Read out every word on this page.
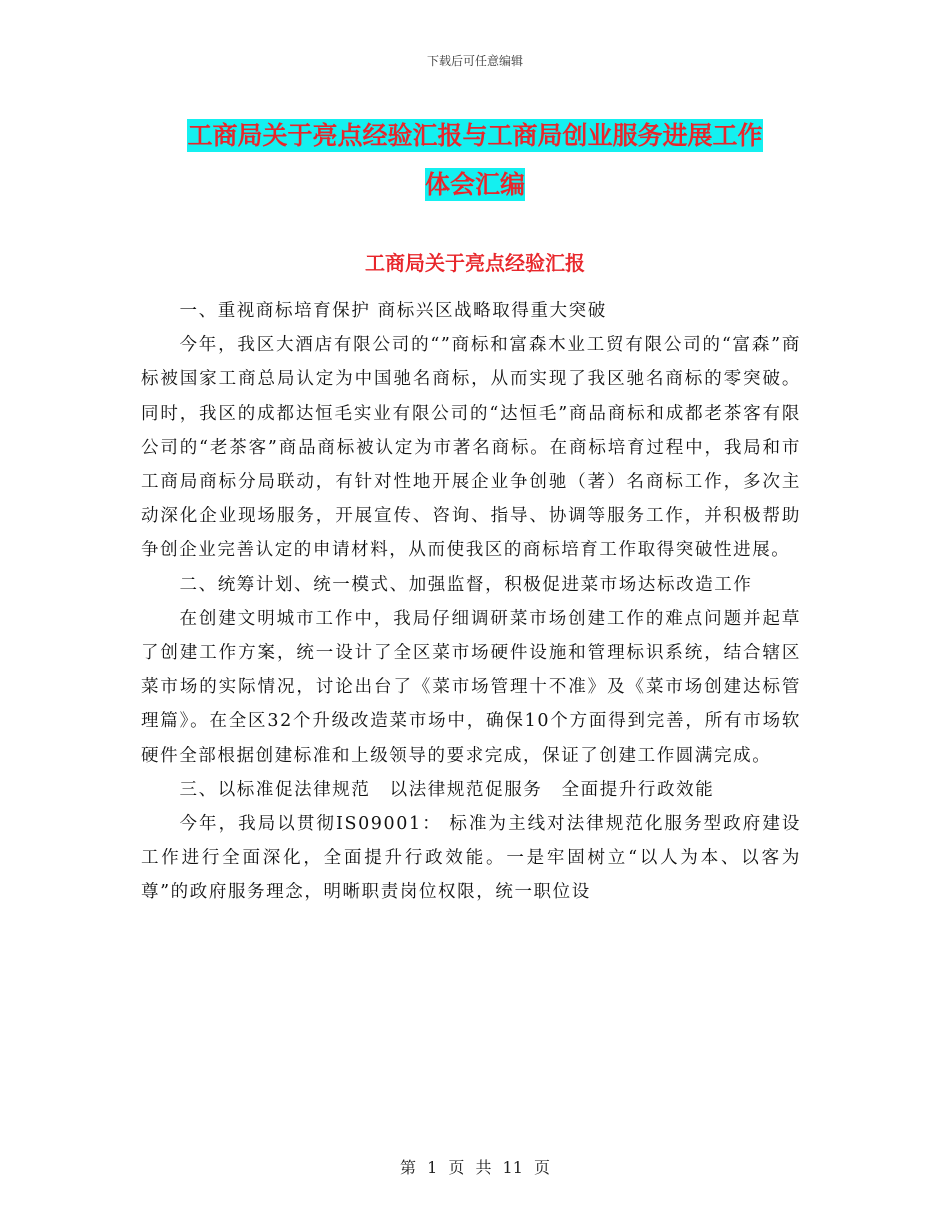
下载后可任意编辑
工商局关于亮点经验汇报与工商局创业服务进展工作
体会汇编
工商局关于亮点经验汇报

一、重视商标培育保护 商标兴区战略取得重大突破

今年，我区大酒店有限公司的“”商标和富森木业工贸有限公司的“富森”商标被国家工商总局认定为中国驰名商标，从而实现了我区驰名商标的零突破。同时，我区的成都达恒毛实业有限公司的“达恒毛”商品商标和成都老茶客有限公司的“老茶客”商品商标被认定为市著名商标。在商标培育过程中，我局和市工商局商标分局联动，有针对性地开展企业争创驰（著）名商标工作，多次主动深化企业现场服务，开展宣传、咨询、指导、协调等服务工作，并积极帮助争创企业完善认定的申请材料，从而使我区的商标培育工作取得突破性进展。

二、统筹计划、统一模式、加强监督，积极促进菜市场达标改造工作

在创建文明城市工作中，我局仔细调研菜市场创建工作的难点问题并起草了创建工作方案，统一设计了全区菜市场硬件设施和管理标识系统，结合辖区菜市场的实际情况，讨论出台了《菜市场管理十不准》及《菜市场创建达标管理篇》。在全区32个升级改造菜市场中，确保10个方面得到完善，所有市场软硬件全部根据创建标准和上级领导的要求完成，保证了创建工作圆满完成。

三、以标准促法律规范　以法律规范促服务　全面提升行政效能

今年，我局以贯彻IS09001： 标准为主线对法律规范化服务型政府建设工作进行全面深化，全面提升行政效能。一是牢固树立“以人为本、以客为尊”的政府服务理念，明晰职责岗位权限，统一职位设

第 1 页 共 11 页
